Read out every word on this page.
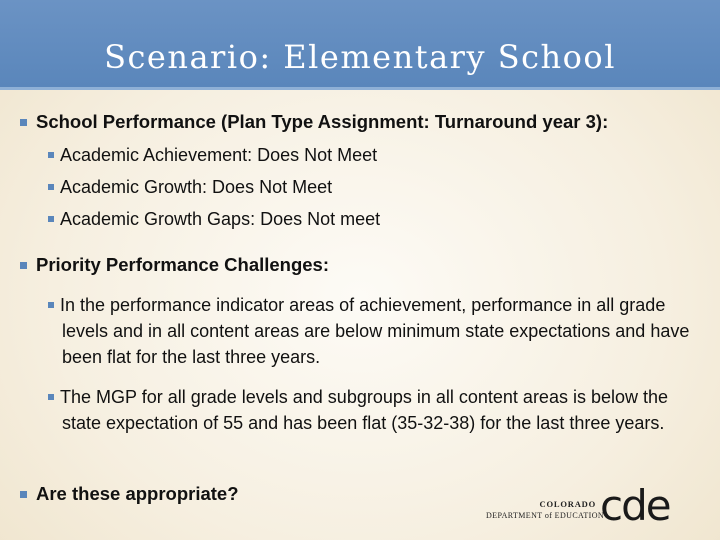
Scenario: Elementary School
School Performance (Plan Type Assignment: Turnaround year 3):
Academic Achievement: Does Not Meet
Academic Growth: Does Not Meet
Academic Growth Gaps: Does Not meet
Priority Performance Challenges:
In the performance indicator areas of achievement, performance in all grade levels and in all content areas are below minimum state expectations and have been flat for the last three years.
The MGP for all grade levels and subgroups in all content areas is below the state expectation of 55 and has been flat (35-32-38) for the last three years.
Are these appropriate?	COLORADO
DEPARTMENT of EDUCATION
cde
